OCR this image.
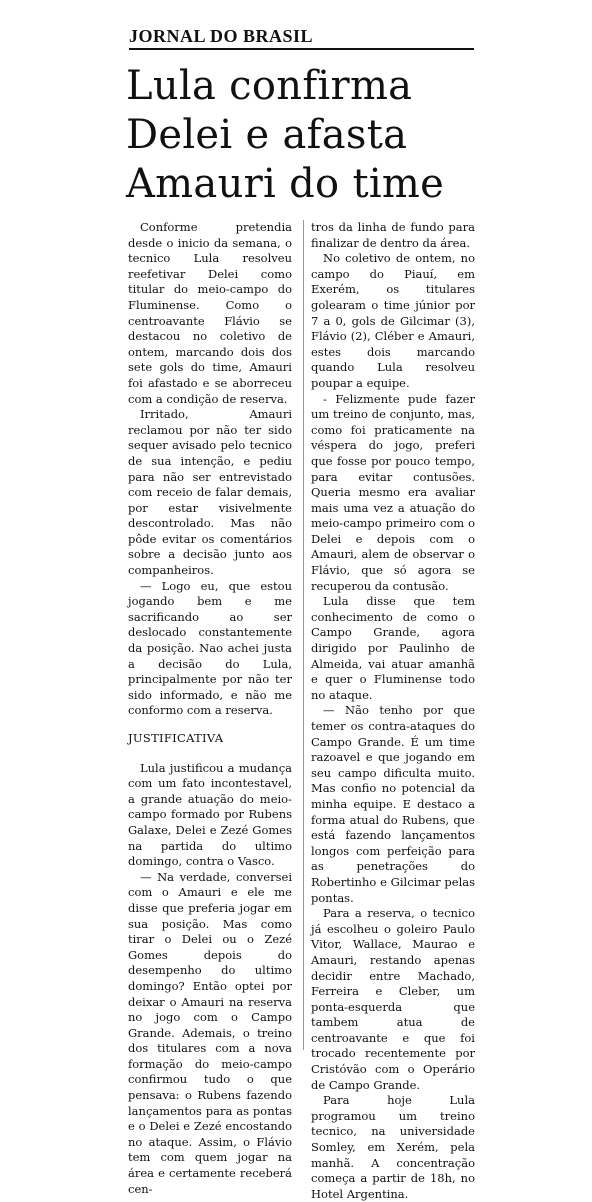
JORNAL DO BRASIL
Lula confirma
Delei e afasta
Amauri do time

Conforme pretendia desde o inicio da semana, o tecnico Lula resolveu reefetivar Delei como titular do meio-campo do Fluminense. Como o centroavante Flávio se destacou no coletivo de ontem, marcando dois dos sete gols do time, Amauri foi afastado e se aborreceu com a condição de reserva.

Irritado, Amauri reclamou por não ter sido sequer avisado pelo tecnico de sua intenção, e pediu para não ser entrevistado com receio de falar demais, por estar visivelmente descontrolado. Mas não pôde evitar os comentários sobre a decisão junto aos companheiros.

— Logo eu, que estou jogando bem e me sacrificando ao ser deslocado constantemente da posição. Nao achei justa a decisão do Lula, principalmente por não ter sido informado, e não me conformo com a reserva.

JUSTIFICATIVA

Lula justificou a mudança com um fato incontestavel, a grande atuação do meio-campo formado por Rubens Galaxe, Delei e Zezé Gomes na partida do ultimo domingo, contra o Vasco.

— Na verdade, conversei com o Amauri e ele me disse que preferia jogar em sua posição. Mas como tirar o Delei ou o Zezé Gomes depois do desempenho do ultimo domingo? Então optei por deixar o Amauri na reserva no jogo com o Campo Grande. Ademais, o treino dos titulares com a nova formação do meio-campo confirmou tudo o que pensava: o Rubens fazendo lançamentos para as pontas e o Delei e Zezé encostando no ataque. Assim, o Flávio tem com quem jogar na área e certamente receberá cen-

tros da linha de fundo para finalizar de dentro da área.

No coletivo de ontem, no campo do Piauí, em Exerém, os titulares golearam o time júnior por 7 a 0, gols de Gilcimar (3), Flávio (2), Cléber e Amauri, estes dois marcando quando Lula resolveu poupar a equipe.

- Felizmente pude fazer um treino de conjunto, mas, como foi praticamente na véspera do jogo, preferi que fosse por pouco tempo, para evitar contusões. Queria mesmo era avaliar mais uma vez a atuação do meio-campo primeiro com o Delei e depois com o Amauri, alem de observar o Flávio, que só agora se recuperou da contusão.

Lula disse que tem conhecimento de como o Campo Grande, agora dirigido por Paulinho de Almeida, vai atuar amanhã e quer o Fluminense todo no ataque.

— Não tenho por que temer os contra-ataques do Campo Grande. É um time razoavel e que jogando em seu campo dificulta muito. Mas confio no potencial da minha equipe. E destaco a forma atual do Rubens, que está fazendo lançamentos longos com perfeição para as penetrações do Robertinho e Gilcimar pelas pontas.

Para a reserva, o tecnico já escolheu o goleiro Paulo Vitor, Wallace, Maurao e Amauri, restando apenas decidir entre Machado, Ferreira e Cleber, um ponta-esquerda que tambem atua de centroavante e que foi trocado recentemente por Cristóvão com o Operário de Campo Grande.

Para hoje Lula programou um treino tecnico, na universidade Somley, em Xerém, pela manhã. A concentração começa a partir de 18h, no Hotel Argentina.
